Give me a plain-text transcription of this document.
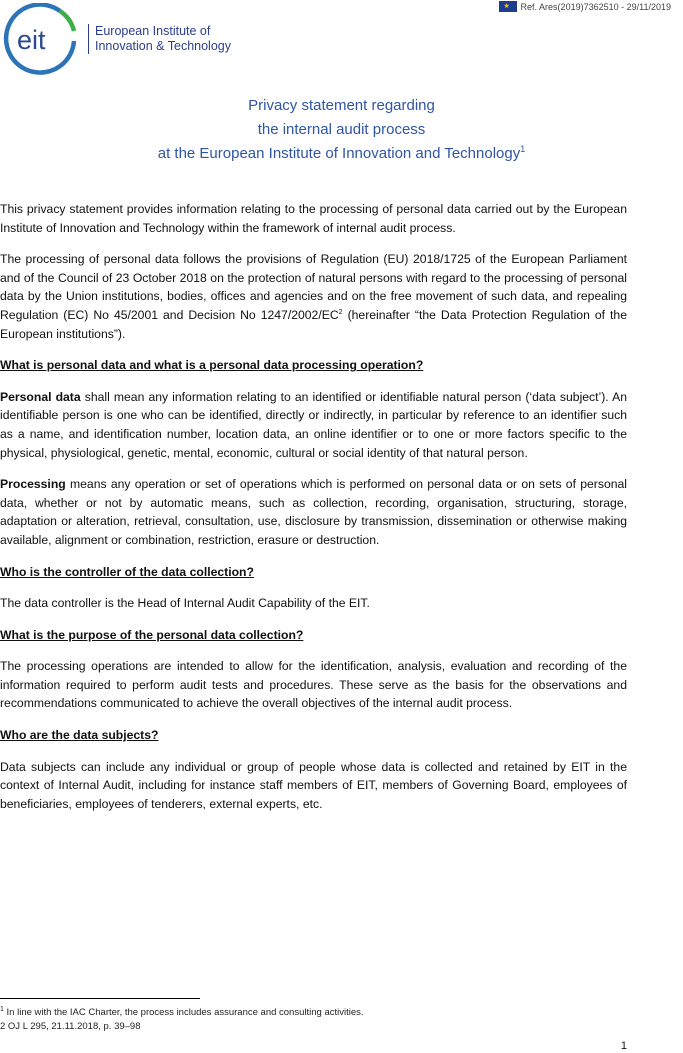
★
Ref. Ares(2019)7362510 - 29/11/2019
eit	European Institute of
Innovation & Technology
Privacy statement regarding
the internal audit process
at the European Institute of Innovation and Technology$^1$

This privacy statement provides information relating to the processing of personal data carried out by the European Institute of Innovation and Technology within the framework of internal audit process.

The processing of personal data follows the provisions of Regulation (EU) 2018/1725 of the European Parliament and of the Council of 23 October 2018 on the protection of natural persons with regard to the processing of personal data by the Union institutions, bodies, offices and agencies and on the free movement of such data, and repealing Regulation (EC) No 45/2001 and Decision No $1247/2002/EC^2$ (hereinafter “the Data Protection Regulation of the European institutions”).

What is personal data and what is a personal data processing operation?

Personal data shall mean any information relating to an identified or identifiable natural person (‘data subject’). An identifiable person is one who can be identified, directly or indirectly, in particular by reference to an identifier such as a name, and identification number, location data, an online identifier or to one or more factors specific to the physical, physiological, genetic, mental, economic, cultural or social identity of that natural person.

Processing means any operation or set of operations which is performed on personal data or on sets of personal data, whether or not by automatic means, such as collection, recording, organisation, structuring, storage, adaptation or alteration, retrieval, consultation, use, disclosure by transmission, dissemination or otherwise making available, alignment or combination, restriction, erasure or destruction.

Who is the controller of the data collection?

The data controller is the Head of Internal Audit Capability of the EIT.

What is the purpose of the personal data collection?

The processing operations are intended to allow for the identification, analysis, evaluation and recording of the information required to perform audit tests and procedures. These serve as the basis for the observations and recommendations communicated to achieve the overall objectives of the internal audit process.

Who are the data subjects?

Data subjects can include any individual or group of people whose data is collected and retained by EIT in the context of Internal Audit, including for instance staff members of EIT, members of Governing Board, employees of beneficiaries, employees of tenderers, external experts, etc.

$^1$ In line with the IAC Charter, the process includes assurance and consulting activities.
2 OJ L 295, 21.11.2018, p. 39–98
1
